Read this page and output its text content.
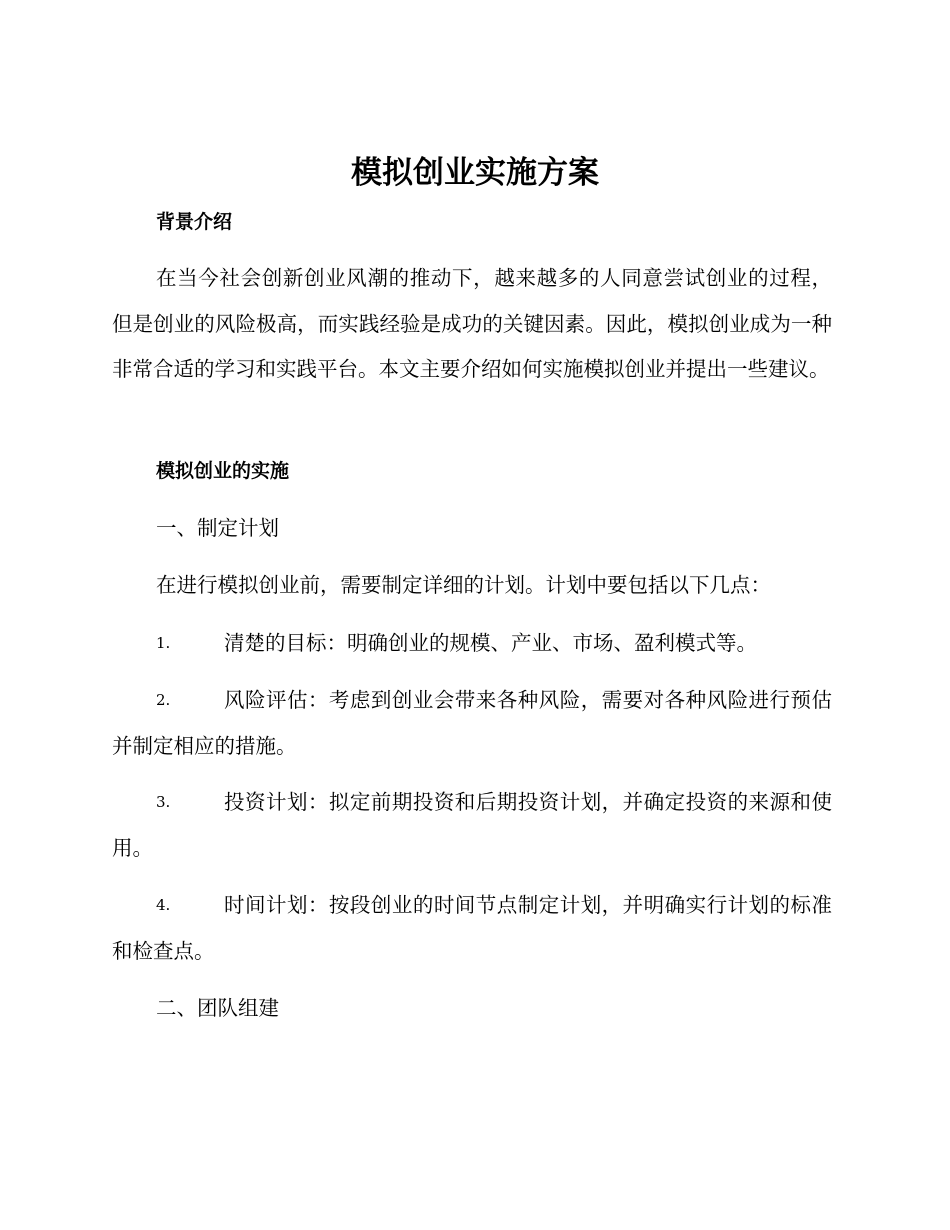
模拟创业实施方案
背景介绍

在当今社会创新创业风潮的推动下，越来越多的人同意尝试创业的过程，但是创业的风险极高，而实践经验是成功的关键因素。因此，模拟创业成为一种非常合适的学习和实践平台。本文主要介绍如何实施模拟创业并提出一些建议。

模拟创业的实施

一、制定计划

在进行模拟创业前，需要制定详细的计划。计划中要包括以下几点：

1.	清楚的目标：明确创业的规模、产业、市场、盈利模式等。
2.	风险评估：考虑到创业会带来各种风险，需要对各种风险进行预估并制定相应的措施。
3.	投资计划：拟定前期投资和后期投资计划，并确定投资的来源和使用。
4.	时间计划：按段创业的时间节点制定计划，并明确实行计划的标准和检查点。

二、团队组建
